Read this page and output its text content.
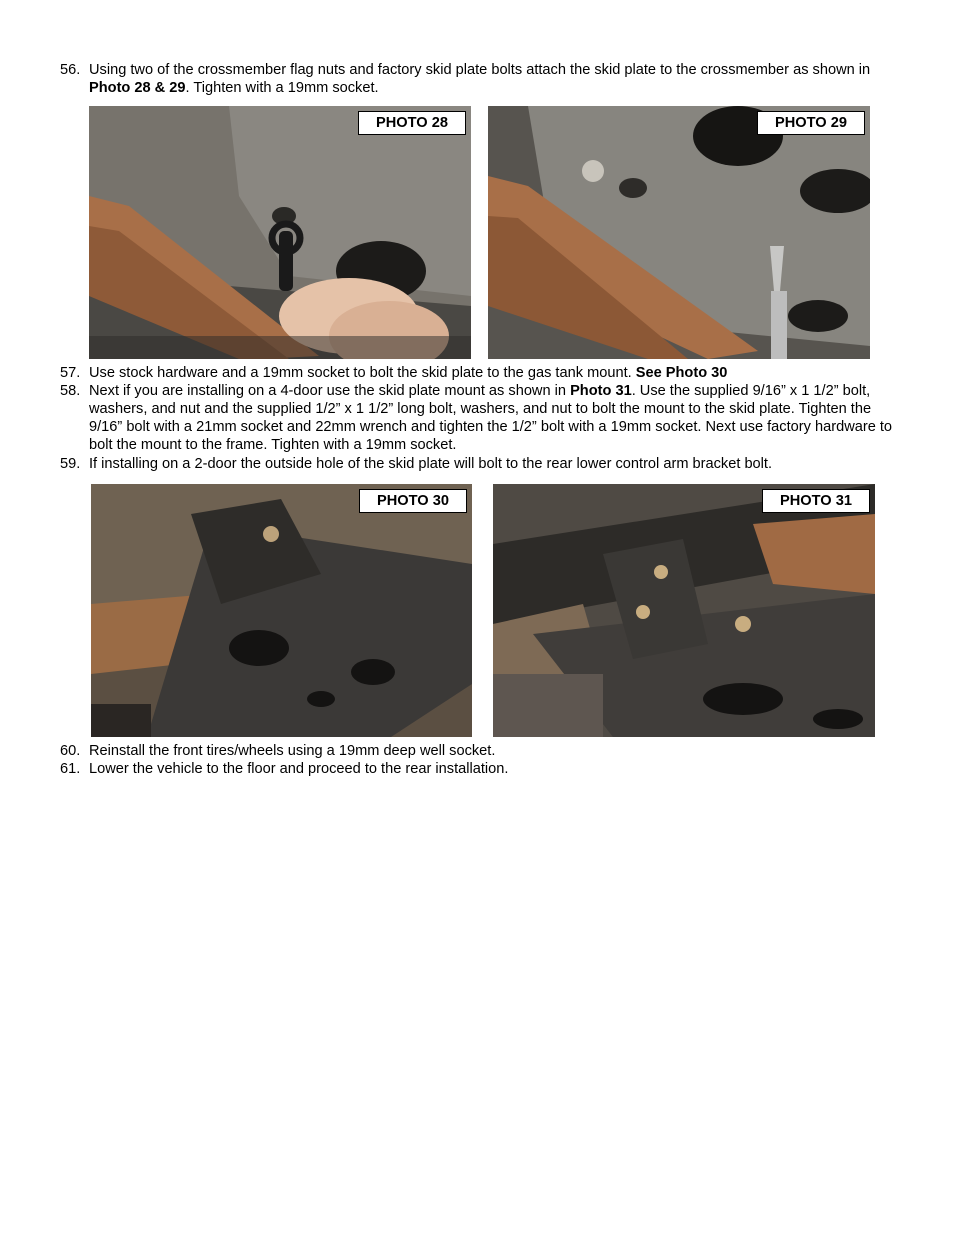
56. Using two of the crossmember flag nuts and factory skid plate bolts attach the skid plate to the crossmember as shown in Photo 28 & 29. Tighten with a 19mm socket.
PHOTO 28	PHOTO 29
57. Use stock hardware and a 19mm socket to bolt the skid plate to the gas tank mount. See Photo 30
58. Next if you are installing on a 4-door use the skid plate mount as shown in Photo 31. Use the supplied 9/16” x 1 1/2” bolt, washers, and nut and the supplied 1/2” x 1 1/2” long bolt, washers, and nut to bolt the mount to the skid plate. Tighten the 9/16” bolt with a 21mm socket and 22mm wrench and tighten the 1/2” bolt with a 19mm socket. Next use factory hardware to bolt the mount to the frame. Tighten with a 19mm socket.
59. If installing on a 2-door the outside hole of the skid plate will bolt to the rear lower control arm bracket bolt.
PHOTO 30	PHOTO 31
60. Reinstall the front tires/wheels using a 19mm deep well socket.
61. Lower the vehicle to the floor and proceed to the rear installation.
